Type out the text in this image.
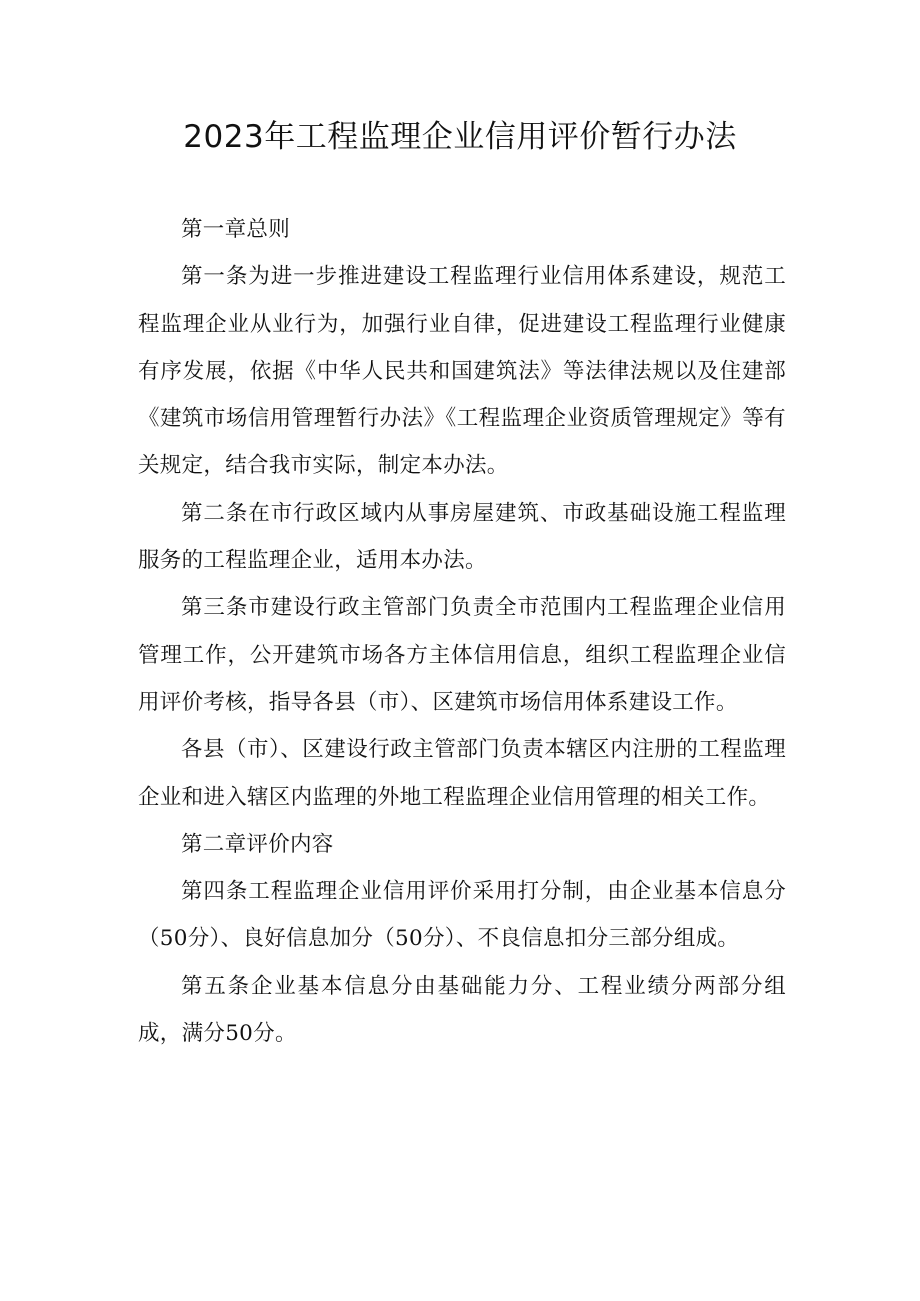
2023年工程监理企业信用评价暂行办法

第一章总则

第一条为进一步推进建设工程监理行业信用体系建设，规范工程监理企业从业行为，加强行业自律，促进建设工程监理行业健康有序发展，依据《中华人民共和国建筑法》等法律法规以及住建部《建筑市场信用管理暂行办法》《工程监理企业资质管理规定》等有关规定，结合我市实际，制定本办法。

第二条在市行政区域内从事房屋建筑、市政基础设施工程监理服务的工程监理企业，适用本办法。

第三条市建设行政主管部门负责全市范围内工程监理企业信用管理工作，公开建筑市场各方主体信用信息，组织工程监理企业信用评价考核，指导各县（市）、区建筑市场信用体系建设工作。

各县（市）、区建设行政主管部门负责本辖区内注册的工程监理企业和进入辖区内监理的外地工程监理企业信用管理的相关工作。

第二章评价内容

第四条工程监理企业信用评价采用打分制，由企业基本信息分（50分）、良好信息加分（50分）、不良信息扣分三部分组成。

第五条企业基本信息分由基础能力分、工程业绩分两部分组成，满分50分。
